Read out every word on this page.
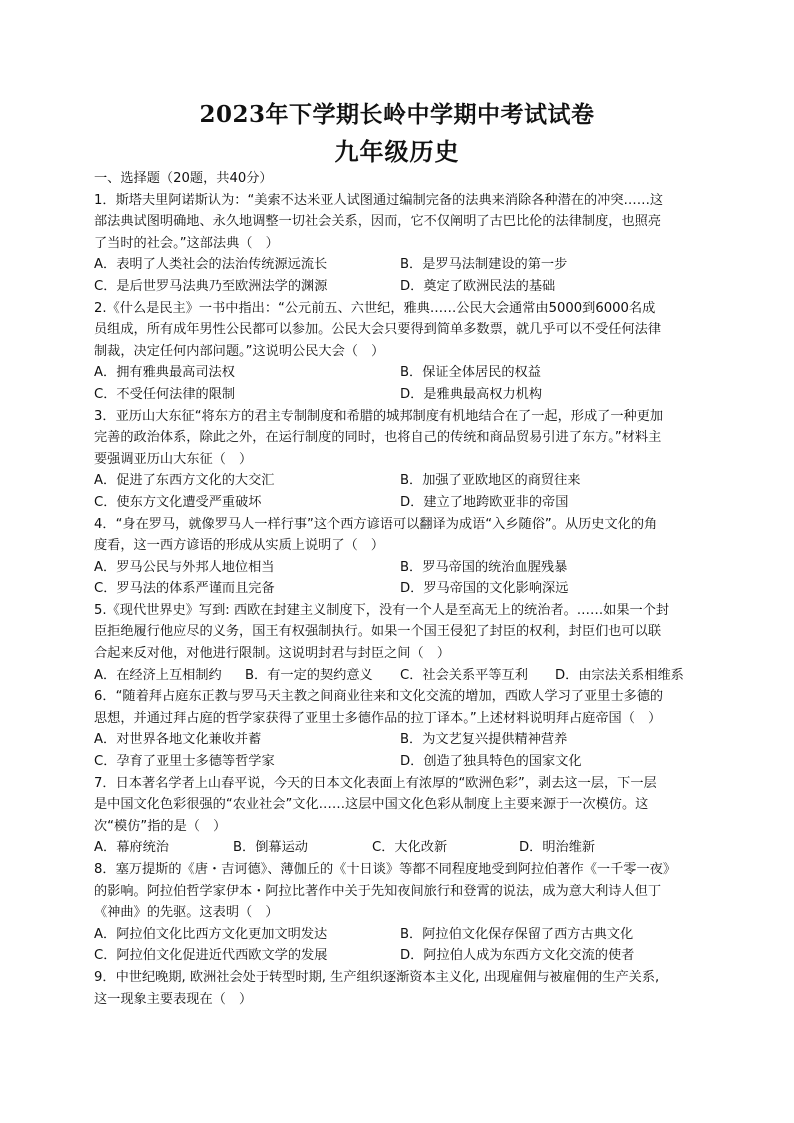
2023年下学期长岭中学期中考试试卷
九年级历史
一、选择题（20题，共40分）
1．斯塔夫里阿诺斯认为：“美索不达米亚人试图通过编制完备的法典来消除各种潜在的冲突……这
部法典试图明确地、永久地调整一切社会关系，因而，它不仅阐明了古巴比伦的法律制度，也照亮
了当时的社会。”这部法典（　）
A．表明了人类社会的法治传统源远流长	B．是罗马法制建设的第一步
C．是后世罗马法典乃至欧洲法学的渊源	D．奠定了欧洲民法的基础
2.《什么是民主》一书中指出：“公元前五、六世纪，雅典……公民大会通常由5000到6000名成
员组成，所有成年男性公民都可以参加。公民大会只要得到简单多数票，就几乎可以不受任何法律
制裁，决定任何内部问题。”这说明公民大会（　）
A．拥有雅典最高司法权	B．保证全体居民的权益
C．不受任何法律的限制	D．是雅典最高权力机构
3．亚历山大东征“将东方的君主专制制度和希腊的城邦制度有机地结合在了一起，形成了一种更加
完善的政治体系，除此之外，在运行制度的同时，也将自己的传统和商品贸易引进了东方。”材料主
要强调亚历山大东征（　）
A．促进了东西方文化的大交汇	B．加强了亚欧地区的商贸往来
C．使东方文化遭受严重破坏	D．建立了地跨欧亚非的帝国
4．“身在罗马，就像罗马人一样行事”这个西方谚语可以翻译为成语“入乡随俗”。从历史文化的角
度看，这一西方谚语的形成从实质上说明了（　）
A．罗马公民与外邦人地位相当	B．罗马帝国的统治血腥残暴
C．罗马法的体系严谨而且完备	D．罗马帝国的文化影响深远
5.《现代世界史》写到: 西欧在封建主义制度下，没有一个人是至高无上的统治者。……如果一个封
臣拒绝履行他应尽的义务，国王有权强制执行。如果一个国王侵犯了封臣的权利，封臣们也可以联
合起来反对他，对他进行限制。这说明封君与封臣之间（　）
A．在经济上互相制约 B．有一定的契约意义 C．社会关系平等互利 D．由宗法关系相维系
6．“随着拜占庭东正教与罗马天主教之间商业往来和文化交流的增加，西欧人学习了亚里士多德的
思想，并通过拜占庭的哲学家获得了亚里士多德作品的拉丁译本。”上述材料说明拜占庭帝国（　）
A．对世界各地文化兼收并蓄	B．为文艺复兴提供精神营养
C．孕育了亚里士多德等哲学家	D．创造了独具特色的国家文化
7．日本著名学者上山春平说，今天的日本文化表面上有浓厚的“欧洲色彩”，剥去这一层，下一层
是中国文化色彩很强的“农业社会”文化……这层中国文化色彩从制度上主要来源于一次模仿。这
次“模仿”指的是（　）
A．幕府统治	B．倒幕运动	C．大化改新	D．明治维新
8．塞万提斯的《唐・吉诃德》、薄伽丘的《十日谈》等都不同程度地受到阿拉伯著作《一千零一夜》
的影响。阿拉伯哲学家伊本・阿拉比著作中关于先知夜间旅行和登霄的说法，成为意大利诗人但丁
《神曲》的先驱。这表明（　）
A．阿拉伯文化比西方文化更加文明发达	B．阿拉伯文化保存保留了西方古典文化
C．阿拉伯文化促进近代西欧文学的发展	D．阿拉伯人成为东西方文化交流的使者
9．中世纪晚期, 欧洲社会处于转型时期, 生产组织逐渐资本主义化, 出现雇佣与被雇佣的生产关系,
这一现象主要表现在（　）
